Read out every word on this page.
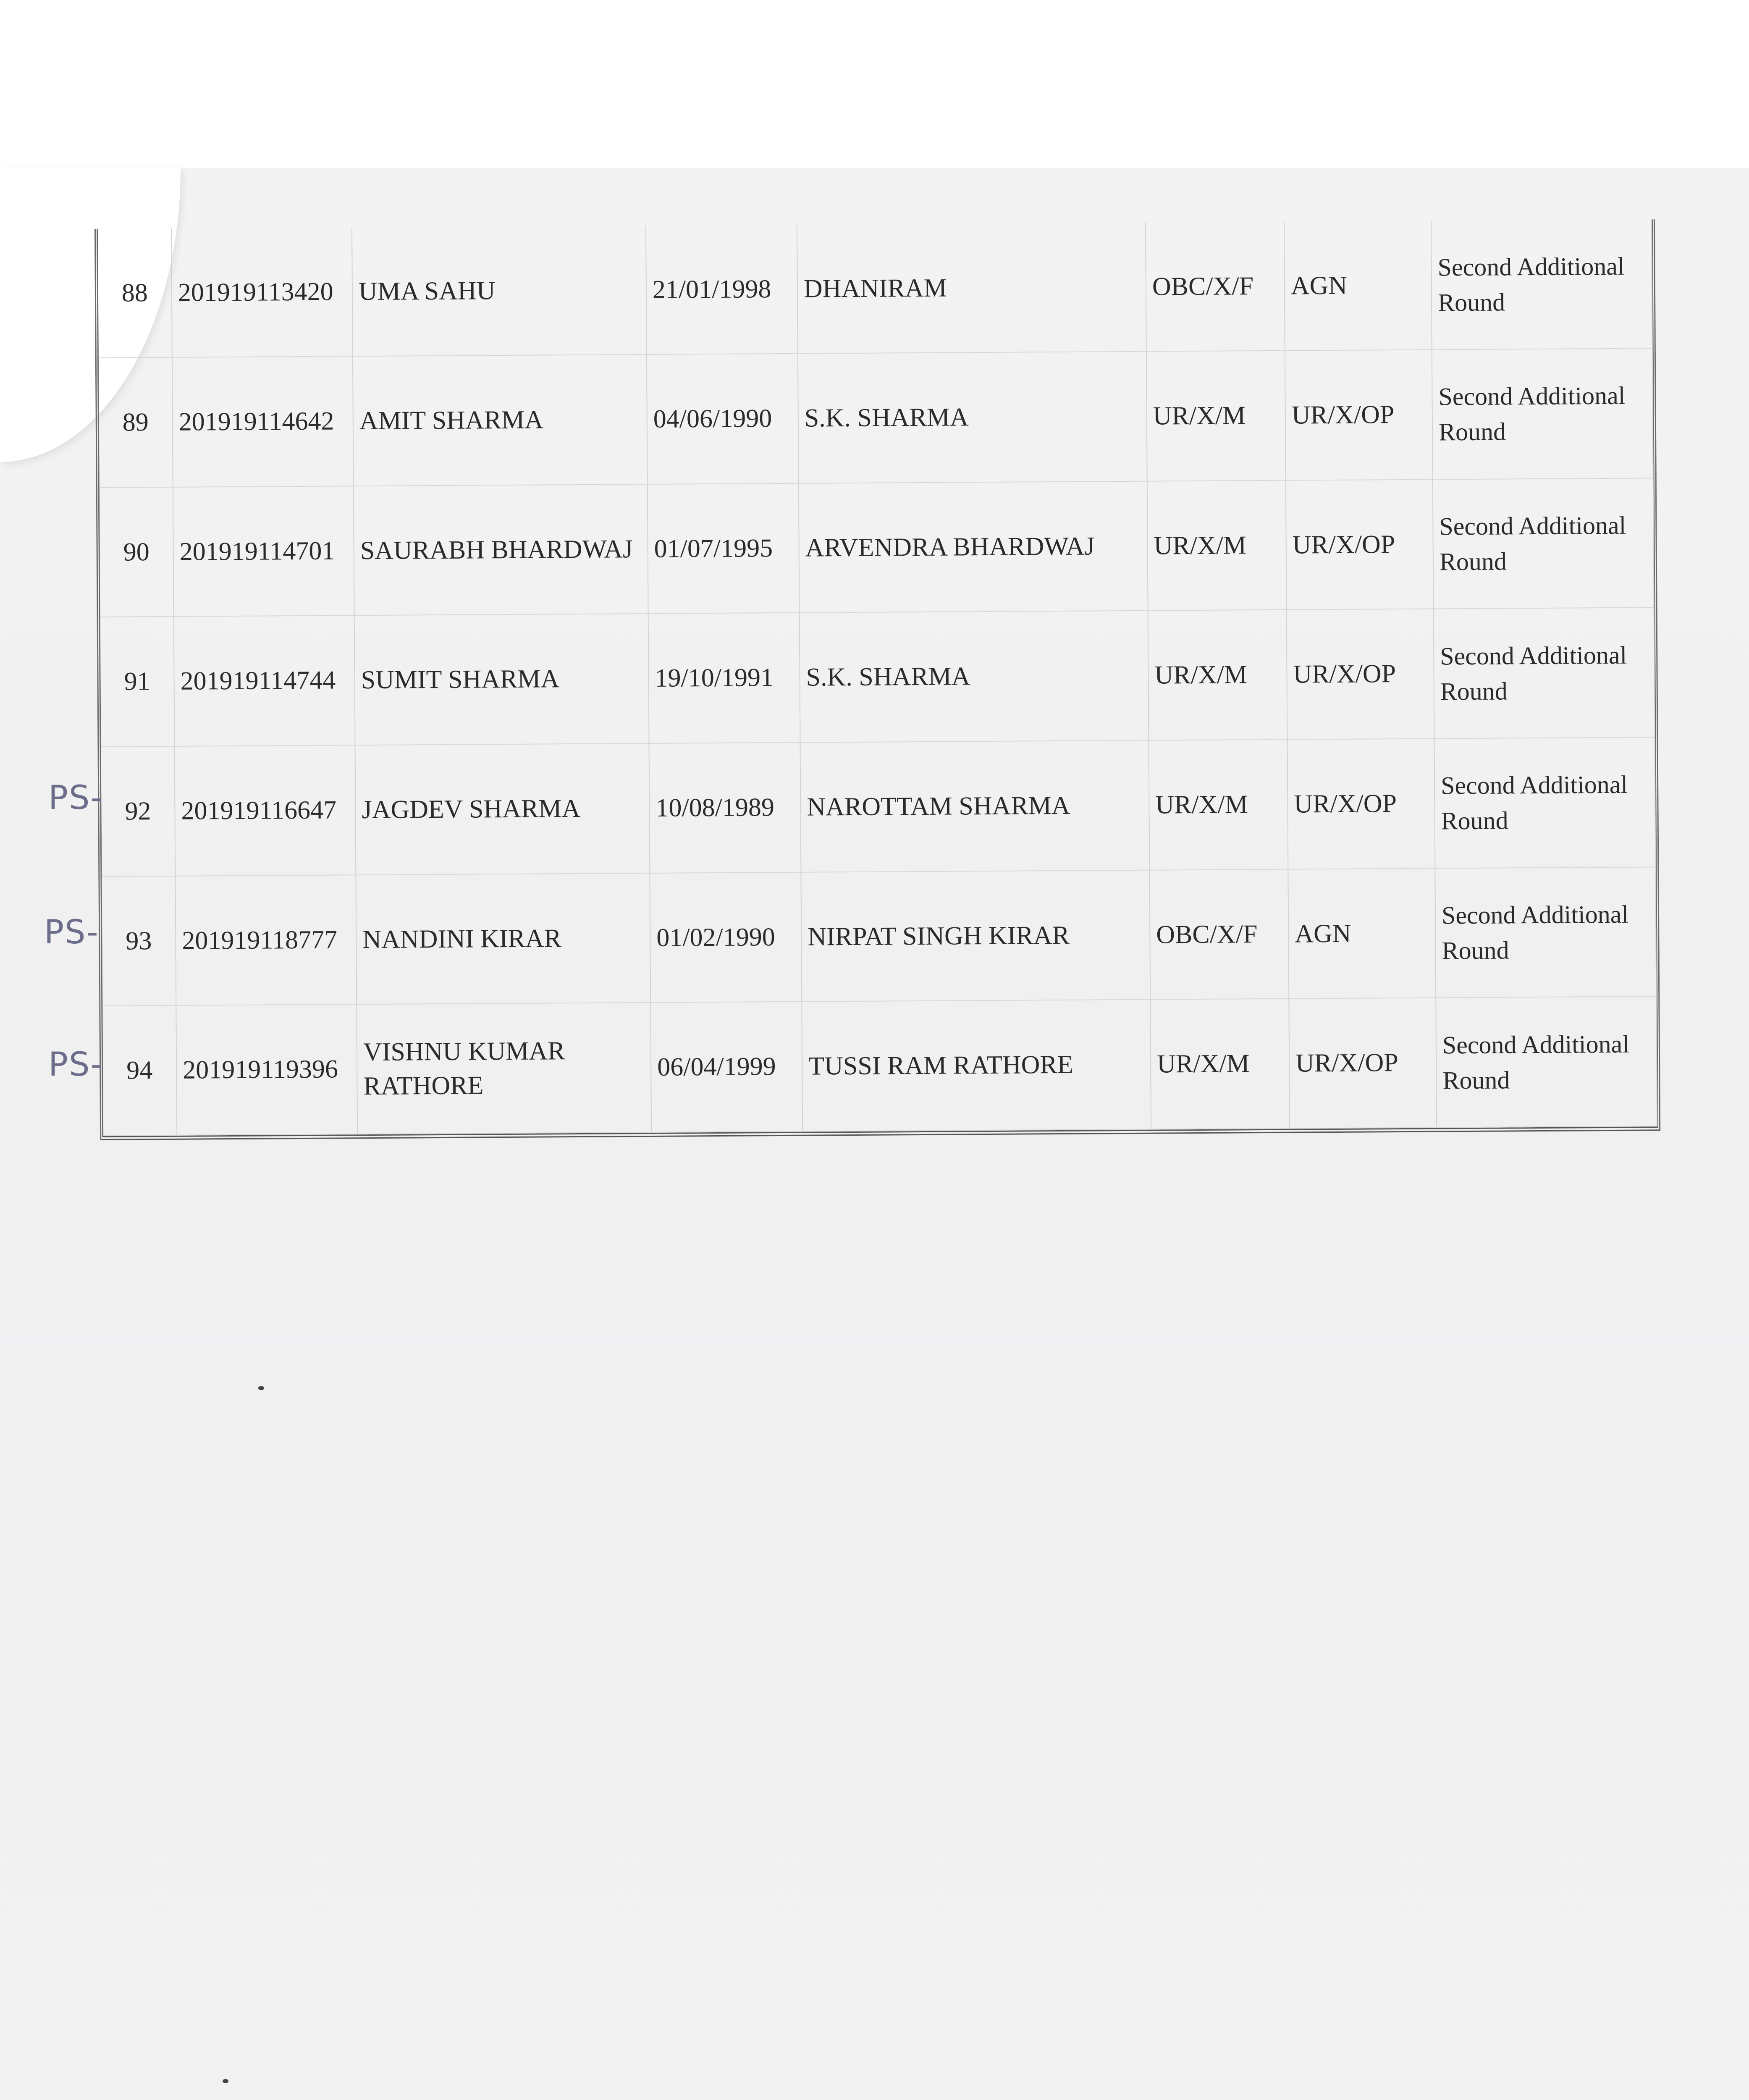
88	201919113420	UMA SAHU	21/01/1998	DHANIRAM	OBC/X/F	AGN	Second Additional Round
89	201919114642	AMIT SHARMA	04/06/1990	S.K. SHARMA	UR/X/M	UR/X/OP	Second Additional Round
90	201919114701	SAURABH BHARDWAJ	01/07/1995	ARVENDRA BHARDWAJ	UR/X/M	UR/X/OP	Second Additional Round
91	201919114744	SUMIT SHARMA	19/10/1991	S.K. SHARMA	UR/X/M	UR/X/OP	Second Additional Round
92	201919116647	JAGDEV SHARMA	10/08/1989	NAROTTAM SHARMA	UR/X/M	UR/X/OP	Second Additional Round
93	201919118777	NANDINI KIRAR	01/02/1990	NIRPAT SINGH KIRAR	OBC/X/F	AGN	Second Additional Round
94	201919119396	VISHNU KUMAR RATHORE	06/04/1999	TUSSI RAM RATHORE	UR/X/M	UR/X/OP	Second Additional Round
PS-
PS-
PS-
